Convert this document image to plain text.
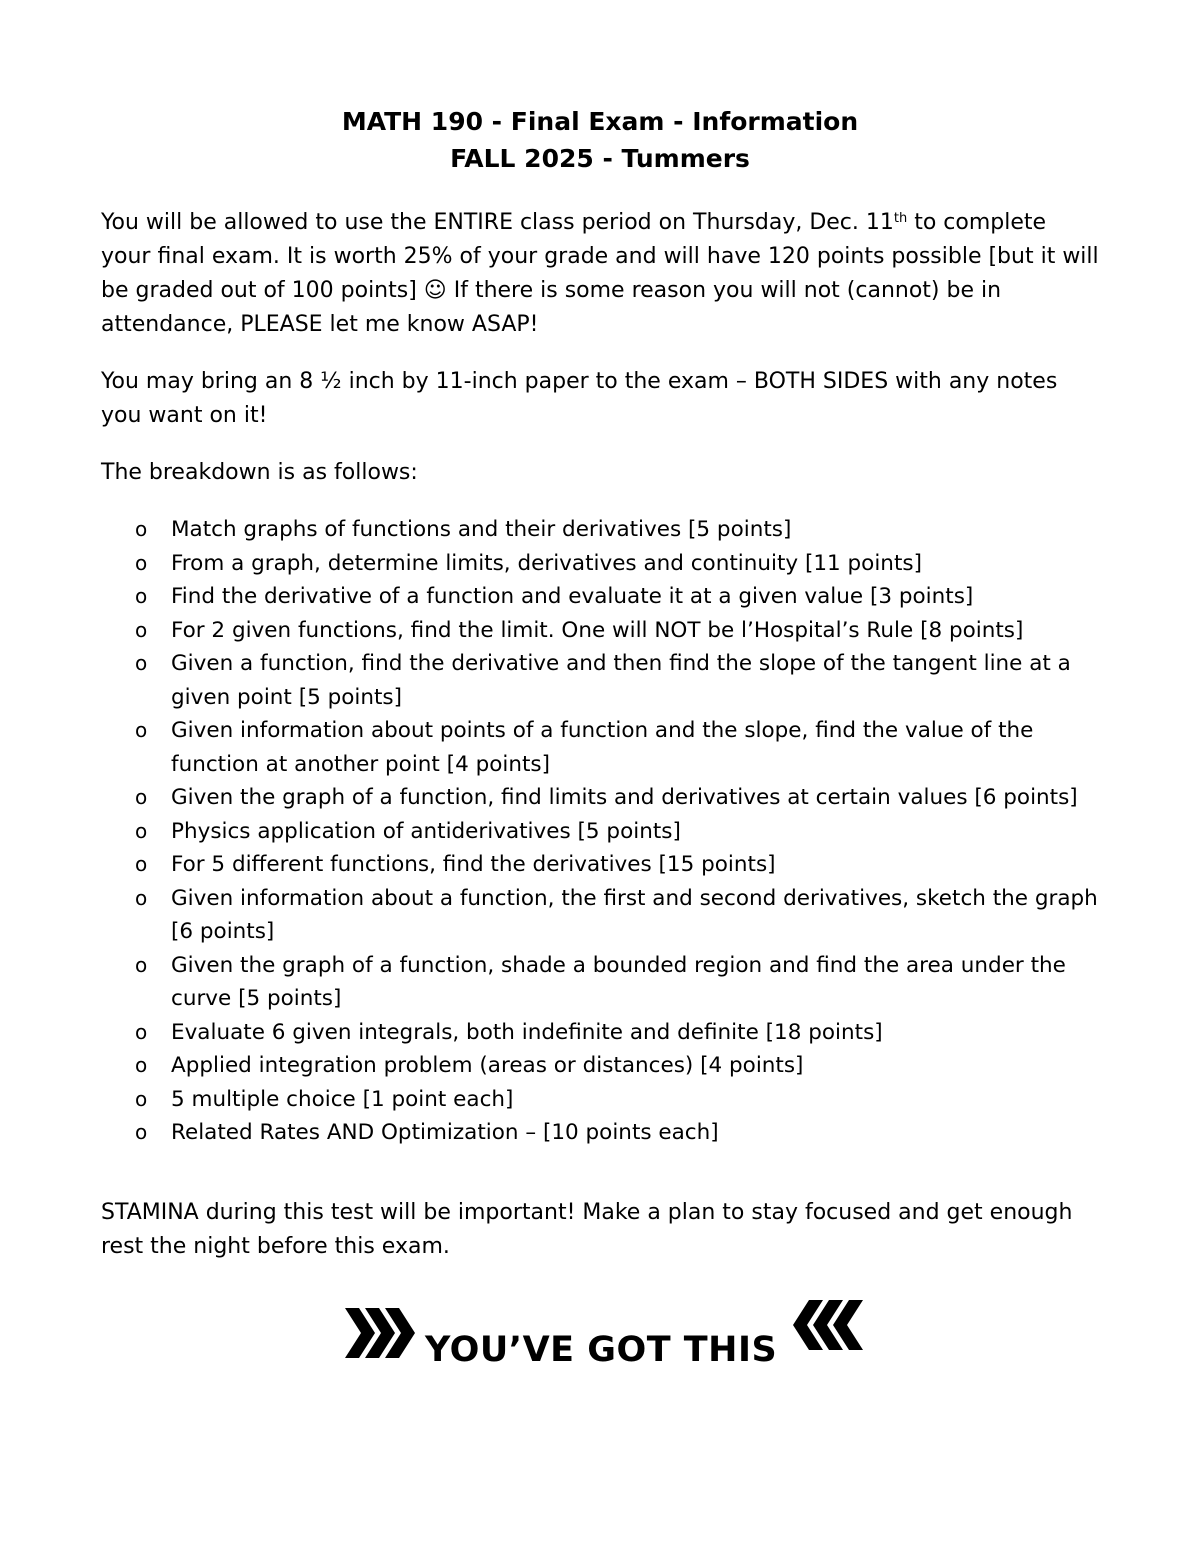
MATH 190 - Final Exam - Information
FALL 2025 - Tummers

You will be allowed to use the ENTIRE class period on Thursday, Dec. 11th to complete your final exam. It is worth 25% of your grade and will have 120 points possible [but it will be graded out of 100 points] ☺ If there is some reason you will not (cannot) be in attendance, PLEASE let me know ASAP!

You may bring an 8 ½ inch by 11-inch paper to the exam – BOTH SIDES with any notes you want on it!

The breakdown is as follows:

o Match graphs of functions and their derivatives [5 points]
o From a graph, determine limits, derivatives and continuity [11 points]
o Find the derivative of a function and evaluate it at a given value [3 points]
o For 2 given functions, find the limit. One will NOT be l’Hospital’s Rule [8 points]
o Given a function, find the derivative and then find the slope of the tangent line at a given point [5 points]
o Given information about points of a function and the slope, find the value of the function at another point [4 points]
o Given the graph of a function, find limits and derivatives at certain values [6 points]
o Physics application of antiderivatives [5 points]
o For 5 different functions, find the derivatives [15 points]
o Given information about a function, the first and second derivatives, sketch the graph [6 points]
o Given the graph of a function, shade a bounded region and find the area under the curve [5 points]
o Evaluate 6 given integrals, both indefinite and definite [18 points]
o Applied integration problem (areas or distances) [4 points]
o 5 multiple choice [1 point each]
o Related Rates AND Optimization – [10 points each]

STAMINA during this test will be important! Make a plan to stay focused and get enough rest the night before this exam.

YOU’VE GOT THIS
